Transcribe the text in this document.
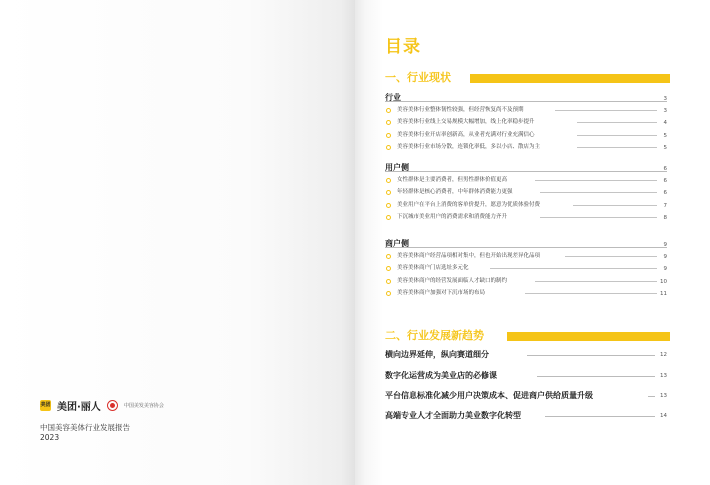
美团 美团·丽人	中国美发美容协会
中国美容美体行业发展报告
2023
目录
一、行业现状
行业	3
美容美体行业整体韧性较强，但经营恢复尚不及预期	3
美容美体行业线上交易规模大幅增加，线上化率稳步提升	4
美容美体行业开店率创新高，从业者充满对行业充满信心	5
美容美体行业市场分散，连锁化率低，多以小店、散店为主	5
用户侧	6
女性群体是主要消费者，但男性群体价值更高	6
年轻群体是核心消费者，中年群体消费能力更强	6
美业用户在平台上消费的客单价提升，愿意为优质体验付费	7
下沉城市美业用户的消费需求和消费能力齐升	8
商户侧	9
美容美体商户经营品项相对集中，但也开始出现差异化品项	9
美容美体商户门店选址多元化	9
美容美体商户的经营发展面临人才缺口的制约	10
美容美体商户加强对下沉市场的布局	11
二、行业发展新趋势
横向边界延伸，纵向赛道细分	12
数字化运营成为美业店的必修课	13
平台信息标准化减少用户决策成本、促进商户供给质量升级	13
高端专业人才全面助力美业数字化转型	14
